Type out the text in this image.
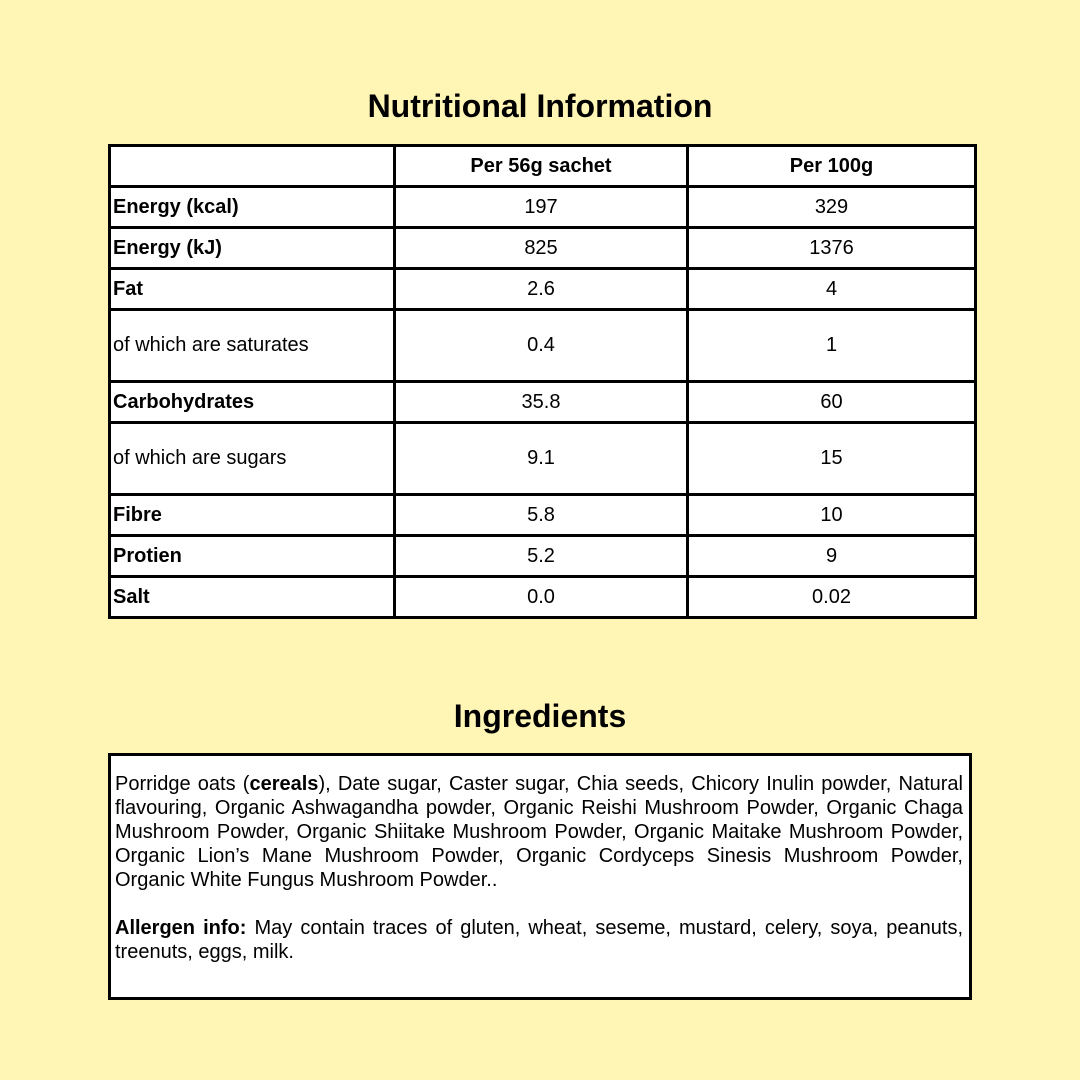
Nutritional Information
	Per 56g sachet	Per 100g
Energy (kcal)	197	329
Energy (kJ)	825	1376
Fat	2.6	4
of which are saturates	0.4	1
Carbohydrates	35.8	60
of which are sugars	9.1	15
Fibre	5.8	10
Protien	5.2	9
Salt	0.0	0.02
Ingredients

Porridge oats (cereals), Date sugar, Caster sugar, Chia seeds, Chicory Inulin powder, Natural flavouring, Organic Ashwagandha powder, Organic Reishi Mushroom Powder, Organic Chaga Mushroom Powder, Organic Shiitake Mushroom Powder, Organic Maitake Mushroom Powder, Organic Lion’s Mane Mushroom Powder, Organic Cordyceps Sinesis Mushroom Powder, Organic White Fungus Mushroom Powder..

Allergen info: May contain traces of gluten, wheat, seseme, mustard, celery, soya, peanuts, treenuts, eggs, milk.
